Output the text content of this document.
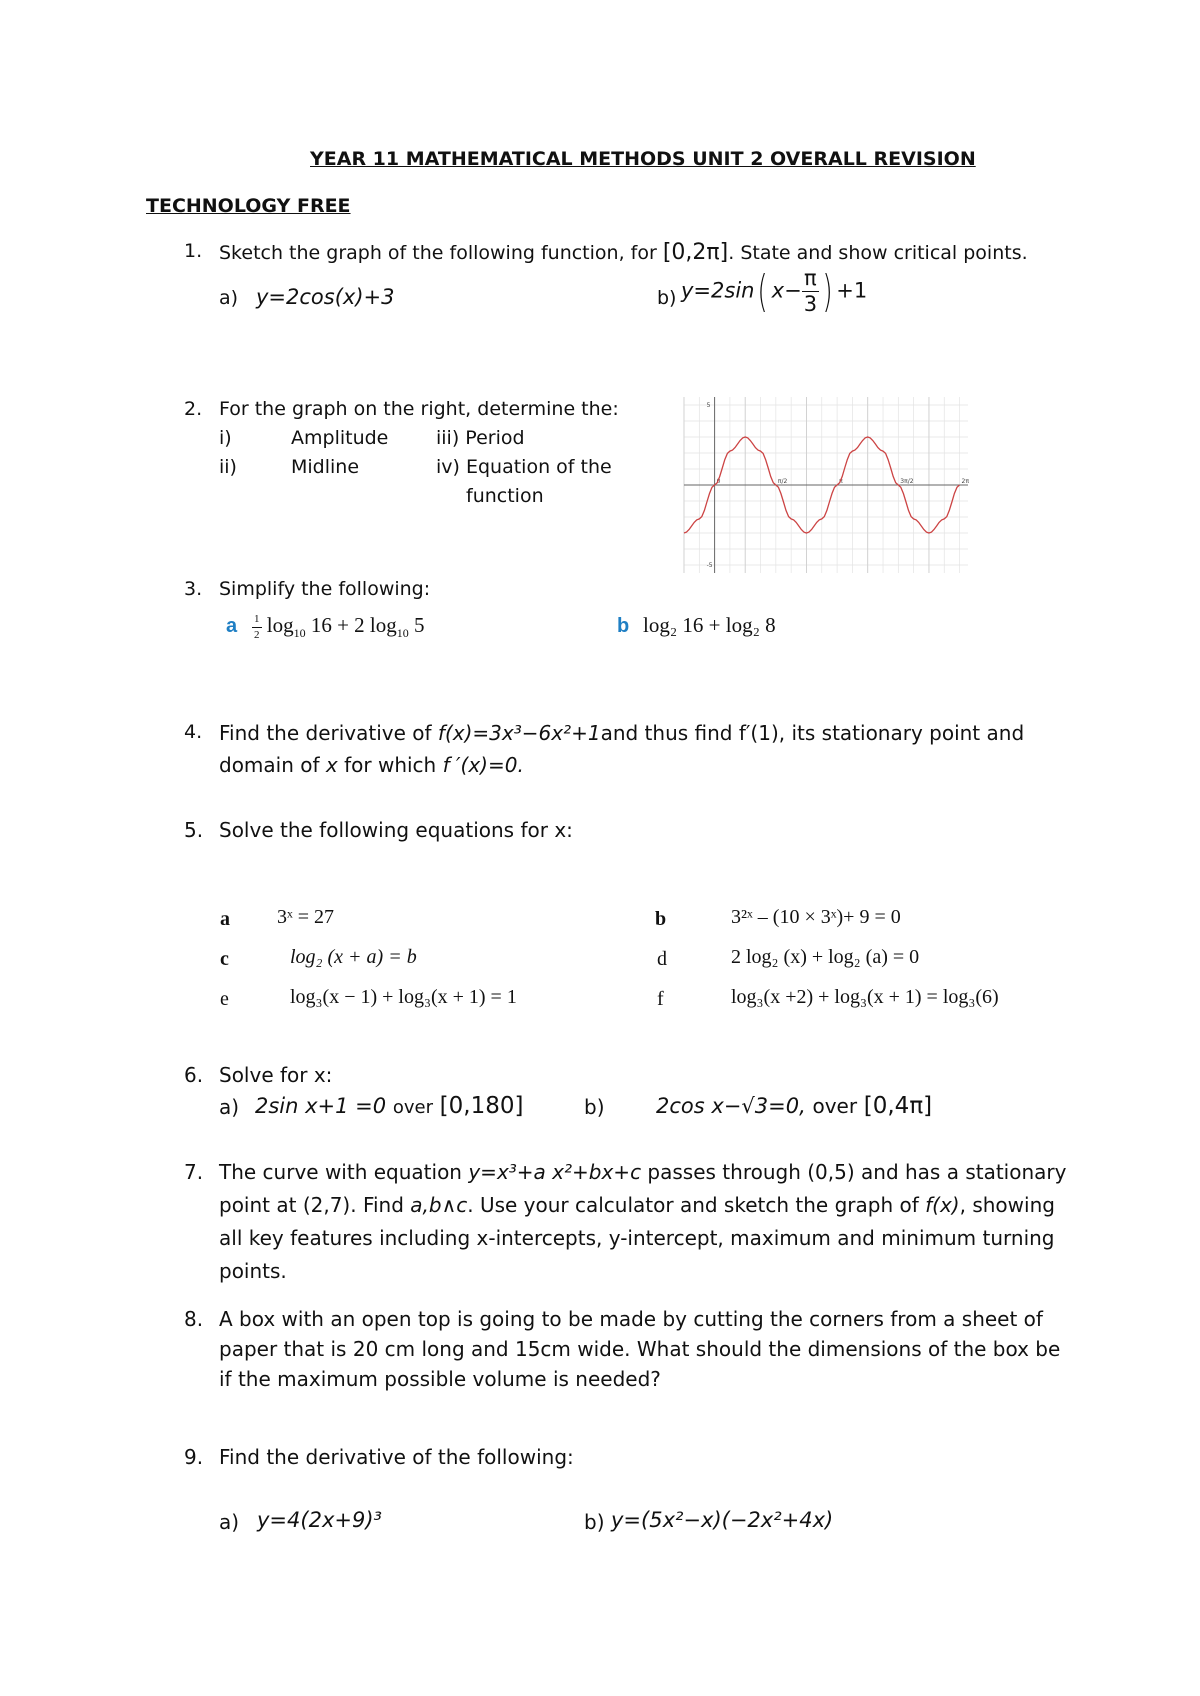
YEAR 11 MATHEMATICAL METHODS UNIT 2 OVERALL REVISION
TECHNOLOGY FREE
1. Sketch the graph of the following function, for [0,2π]. State and show critical points.
a) y=2cos(x)+3	b) y=2sin( $x- \frac{\pi}{3}$ ) +1
2. For the graph on the right, determine the:
i)	Amplitude	iii) Period
ii)	Midline	iv) Equation of the
function
0	π/2	π	3π/2	2π
5
-5
3. Simplify the following:
a $\frac{1}{2} \log_{10} 16 + 2$ $\log_{10} 5$	b log₂ 16 + log₂ 8
4. Find the derivative of f(x)=3x³−6x²+1and thus find f′(1), its stationary point and
domain of x for which f ′(x)=0.
5. Solve the following equations for x:
a 3ˣ = 27	b	3²ˣ – (10 × 3ˣ)+ 9 = 0
c	log₂ (x + a) = b	d	2 log₂ (x) + log₂ (a) = 0
e	log₃(x − 1) + log₃(x + 1) = 1	f	log₃(x +2) + log₃(x + 1) = log₃(6)
6. Solve for x:
a) 2sin x+1 =0 over [0,180]	b) 2cos x−√3=0, over [0,4π]
7. The curve with equation y=x³+a x²+bx+c passes through (0,5) and has a stationary
point at (2,7). Find a,b∧c. Use your calculator and sketch the graph of f(x), showing
all key features including x-intercepts, y-intercept, maximum and minimum turning
points.
8. A box with an open top is going to be made by cutting the corners from a sheet of
paper that is 20 cm long and 15cm wide. What should the dimensions of the box be
if the maximum possible volume is needed?
9. Find the derivative of the following:
a) y=4(2x+9)³	b) y=(5x²−x)(−2x²+4x)
